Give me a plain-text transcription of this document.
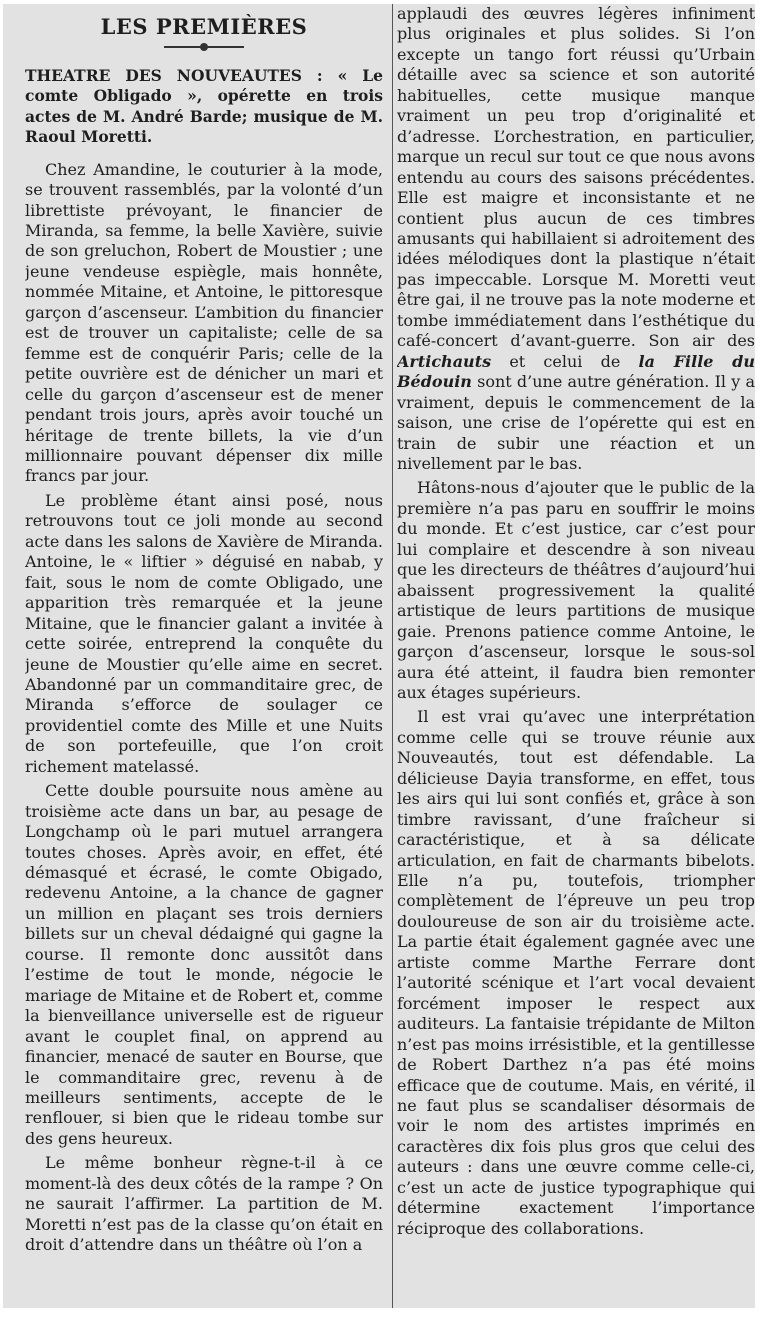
LES PREMIÈRES
THEATRE DES NOUVEAUTES : « Le comte Obligado », opérette en trois actes de M. André Barde; musique de M. Raoul Moretti.

Chez Amandine, le couturier à la mode, se trouvent rassemblés, par la volonté d’un librettiste prévoyant, le financier de Miranda, sa femme, la belle Xavière, suivie de son greluchon, Robert de Moustier ; une jeune vendeuse espiègle, mais honnête, nommée Mitaine, et Antoine, le pittoresque garçon d’ascenseur. L’ambition du financier est de trouver un capitaliste; celle de sa femme est de conquérir Paris; celle de la petite ouvrière est de dénicher un mari et celle du garçon d’ascenseur est de mener pendant trois jours, après avoir touché un héritage de trente billets, la vie d’un millionnaire pouvant dépenser dix mille francs par jour.

Le problème étant ainsi posé, nous retrouvons tout ce joli monde au second acte dans les salons de Xavière de Miranda. Antoine, le « liftier » déguisé en nabab, y fait, sous le nom de comte Obligado, une apparition très remarquée et la jeune Mitaine, que le financier galant a invitée à cette soirée, entreprend la conquête du jeune de Moustier qu’elle aime en secret. Abandonné par un commanditaire grec, de Miranda s’efforce de soulager ce providentiel comte des Mille et une Nuits de son portefeuille, que l’on croit richement matelassé.

Cette double poursuite nous amène au troisième acte dans un bar, au pesage de Longchamp où le pari mutuel arrangera toutes choses. Après avoir, en effet, été démasqué et écrasé, le comte Obigado, redevenu Antoine, a la chance de gagner un million en plaçant ses trois derniers billets sur un cheval dédaigné qui gagne la course. Il remonte donc aussitôt dans l’estime de tout le monde, négocie le mariage de Mitaine et de Robert et, comme la bienveillance universelle est de rigueur avant le couplet final, on apprend au financier, menacé de sauter en Bourse, que le commanditaire grec, revenu à de meilleurs sentiments, accepte de le renflouer, si bien que le rideau tombe sur des gens heureux.

Le même bonheur règne-t-il à ce moment-là des deux côtés de la rampe ? On ne saurait l’affirmer. La partition de M. Moretti n’est pas de la classe qu’on était en droit d’attendre dans un théâtre où l’on a

applaudi des œuvres légères infiniment plus originales et plus solides. Si l’on excepte un tango fort réussi qu’Urbain détaille avec sa science et son autorité habituelles, cette musique manque vraiment un peu trop d’originalité et d’adresse. L’orchestration, en particulier, marque un recul sur tout ce que nous avons entendu au cours des saisons précédentes. Elle est maigre et inconsistante et ne contient plus aucun de ces timbres amusants qui habillaient si adroitement des idées mélodiques dont la plastique n’était pas impeccable. Lorsque M. Moretti veut être gai, il ne trouve pas la note moderne et tombe immédiatement dans l’esthétique du café-concert d’avant-guerre. Son air des Artichauts et celui de la Fille du Bédouin sont d’une autre génération. Il y a vraiment, depuis le commencement de la saison, une crise de l’opérette qui est en train de subir une réaction et un nivellement par le bas.

Hâtons-nous d’ajouter que le public de la première n’a pas paru en souffrir le moins du monde. Et c’est justice, car c’est pour lui complaire et descendre à son niveau que les directeurs de théâtres d’aujourd’hui abaissent progressivement la qualité artistique de leurs partitions de musique gaie. Prenons patience comme Antoine, le garçon d’ascenseur, lorsque le sous-sol aura été atteint, il faudra bien remonter aux étages supérieurs.

Il est vrai qu’avec une interprétation comme celle qui se trouve réunie aux Nouveautés, tout est défendable. La délicieuse Dayia transforme, en effet, tous les airs qui lui sont confiés et, grâce à son timbre ravissant, d’une fraîcheur si caractéristique, et à sa délicate articulation, en fait de charmants bibelots. Elle n’a pu, toutefois, triompher complètement de l’épreuve un peu trop douloureuse de son air du troisième acte. La partie était également gagnée avec une artiste comme Marthe Ferrare dont l’autorité scénique et l’art vocal devaient forcément imposer le respect aux auditeurs. La fantaisie trépidante de Milton n’est pas moins irrésistible, et la gentillesse de Robert Darthez n’a pas été moins efficace que de coutume. Mais, en vérité, il ne faut plus se scandaliser désormais de voir le nom des artistes imprimés en caractères dix fois plus gros que celui des auteurs : dans une œuvre comme celle-ci, c’est un acte de justice typographique qui détermine exactement l’importance réciproque des collaborations.
